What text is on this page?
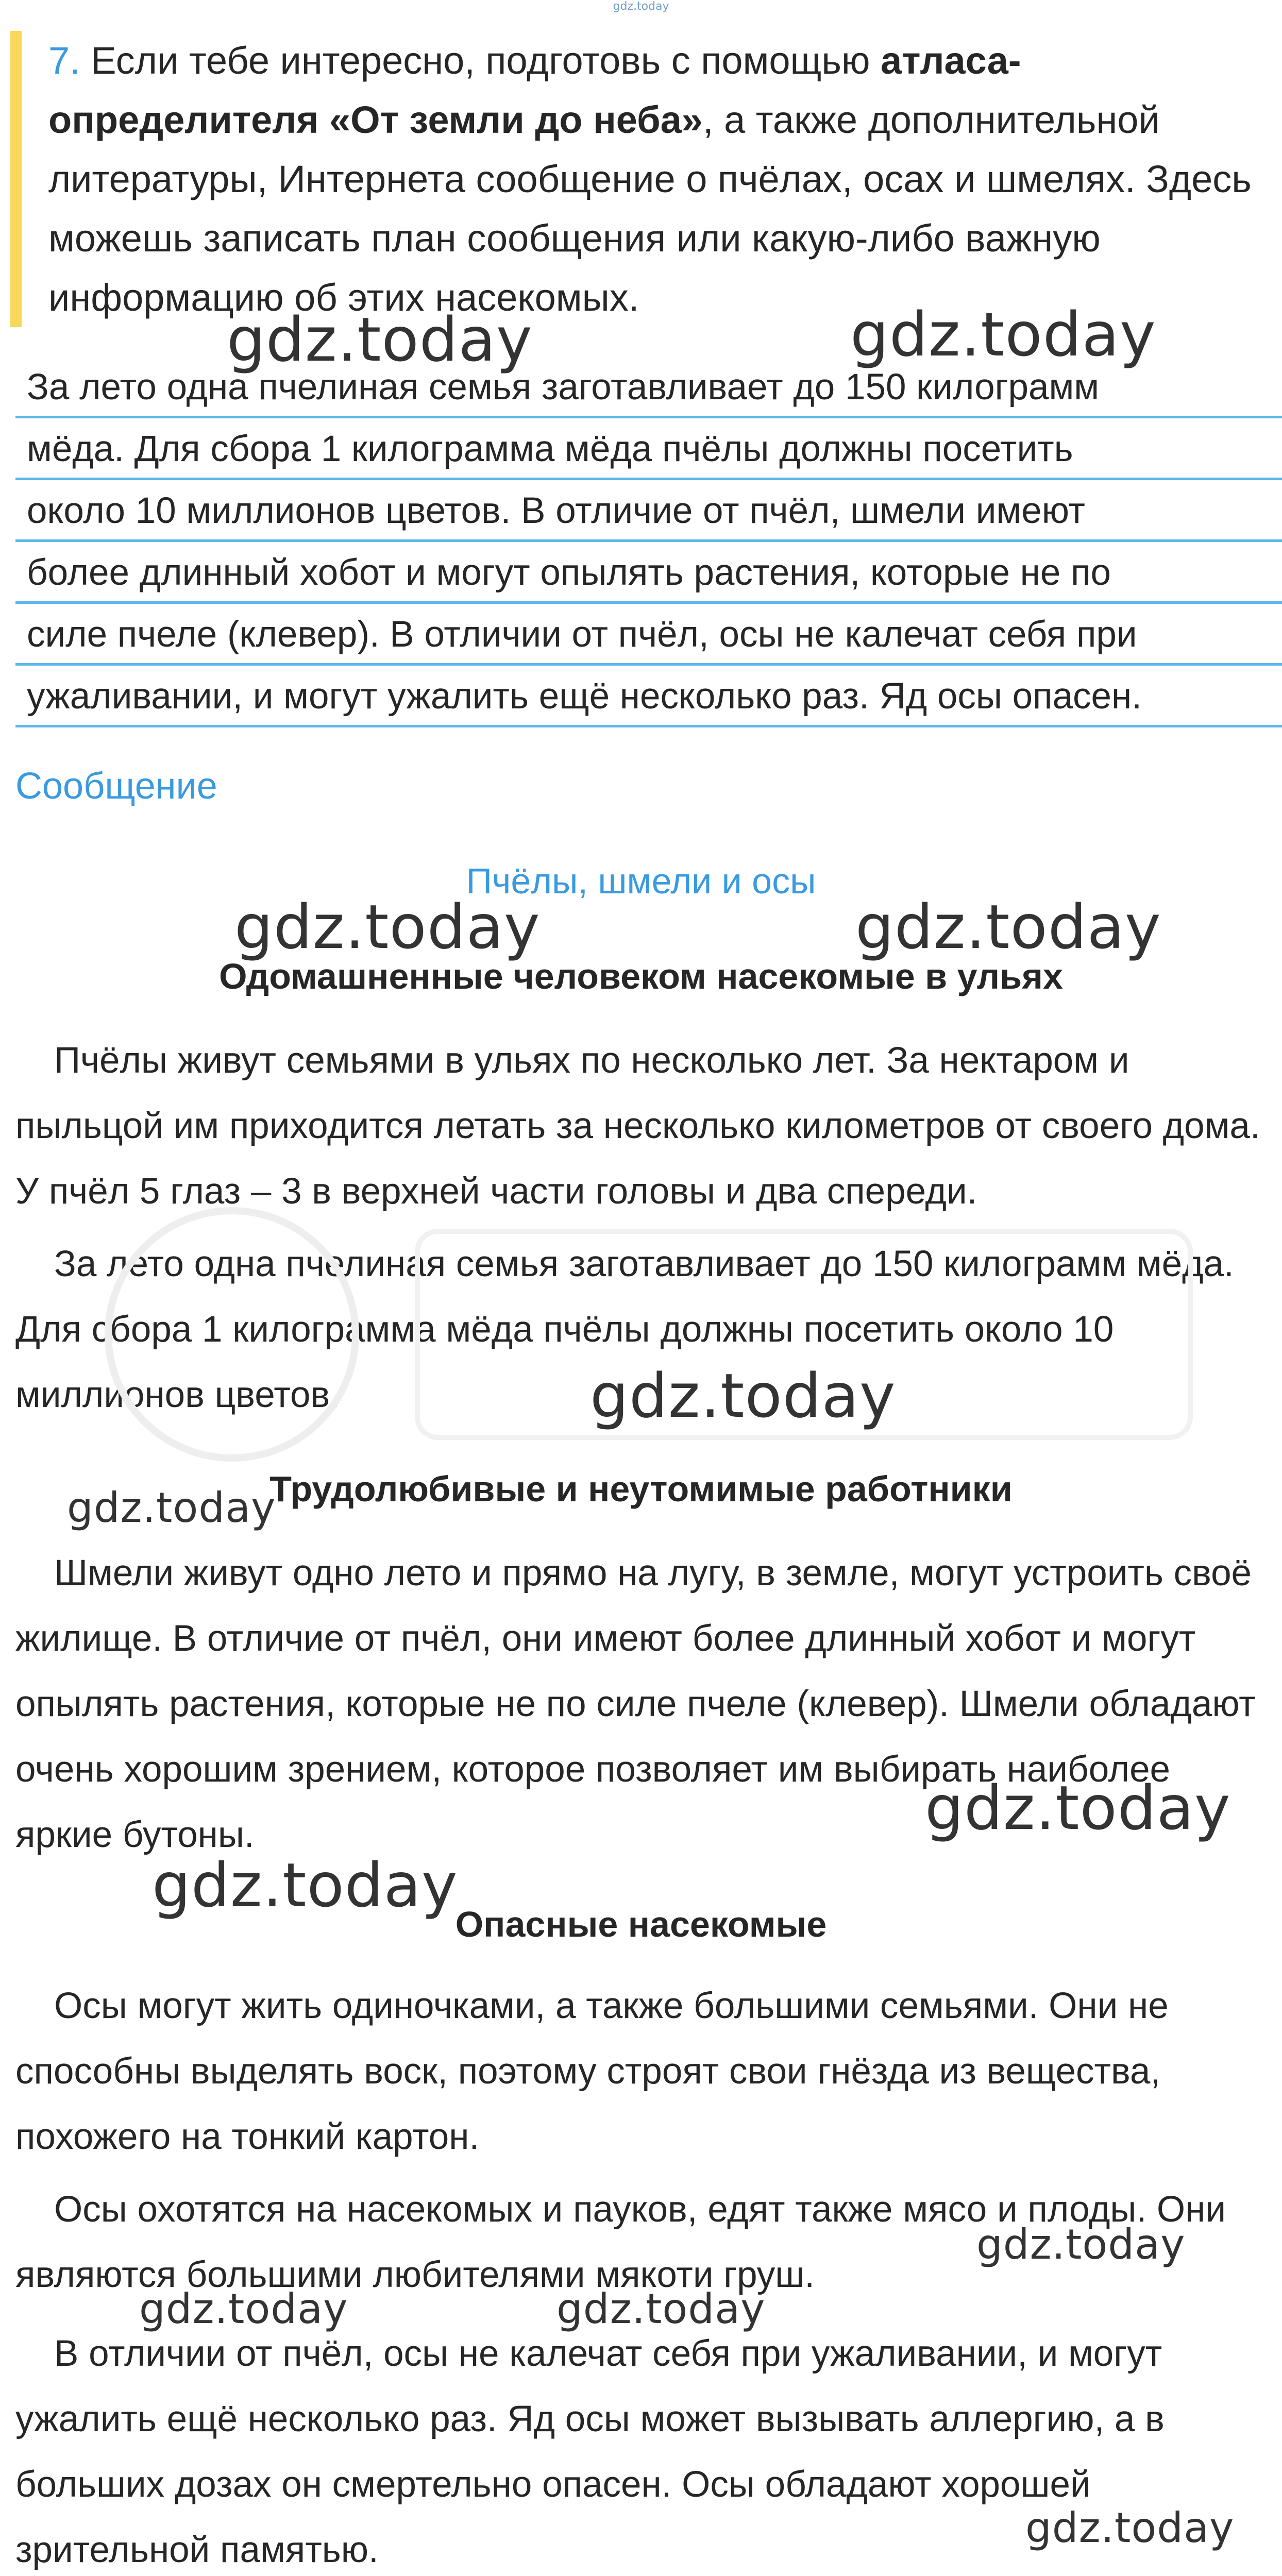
gdz.today
7. Если тебе интересно, подготовь с помощью атласа-определителя «От земли до неба», а также дополнительной литературы, Интернета сообщение о пчёлах, осах и шмелях. Здесь можешь записать план сообщения или какую-либо важную информацию об этих насекомых.
За лето одна пчелиная семья заготавливает до 150 килограмм
мёда. Для сбора 1 килограмма мёда пчёлы должны посетить
около 10 миллионов цветов. В отличие от пчёл, шмели имеют
более длинный хобот и могут опылять растения, которые не по
силе пчеле (клевер). В отличии от пчёл, осы не калечат себя при
ужаливании, и могут ужалить ещё несколько раз. Яд осы опасен.
Сообщение
Пчёлы, шмели и осы
Одомашненные человеком насекомые в ульях
Пчёлы живут семьями в ульях по несколько лет. За нектаром и пыльцой им приходится летать за несколько километров от своего дома. У пчёл 5 глаз – 3 в верхней части головы и два спереди.
За лето одна пчелиная семья заготавливает до 150 килограмм мёда. Для сбора 1 килограмма мёда пчёлы должны посетить около 10 миллионов цветов.
Трудолюбивые и неутомимые работники
Шмели живут одно лето и прямо на лугу, в земле, могут устроить своё жилище. В отличие от пчёл, они имеют более длинный хобот и могут опылять растения, которые не по силе пчеле (клевер). Шмели обладают очень хорошим зрением, которое позволяет им выбирать наиболее яркие бутоны.
Опасные насекомые
Осы могут жить одиночками, а также большими семьями. Они не способны выделять воск, поэтому строят свои гнёзда из вещества, похожего на тонкий картон.
Осы охотятся на насекомых и пауков, едят также мясо и плоды. Они являются большими любителями мякоти груш.
В отличии от пчёл, осы не калечат себя при ужаливании, и могут ужалить ещё несколько раз. Яд осы может вызывать аллергию, а в больших дозах он смертельно опасен. Осы обладают хорошей зрительной памятью.
gdz.today	gdz.today
gdz.today	gdz.today
gdz.today
gdz.today
gdz.today
gdz.today
gdz.today
gdz.today	gdz.today
gdz.today
